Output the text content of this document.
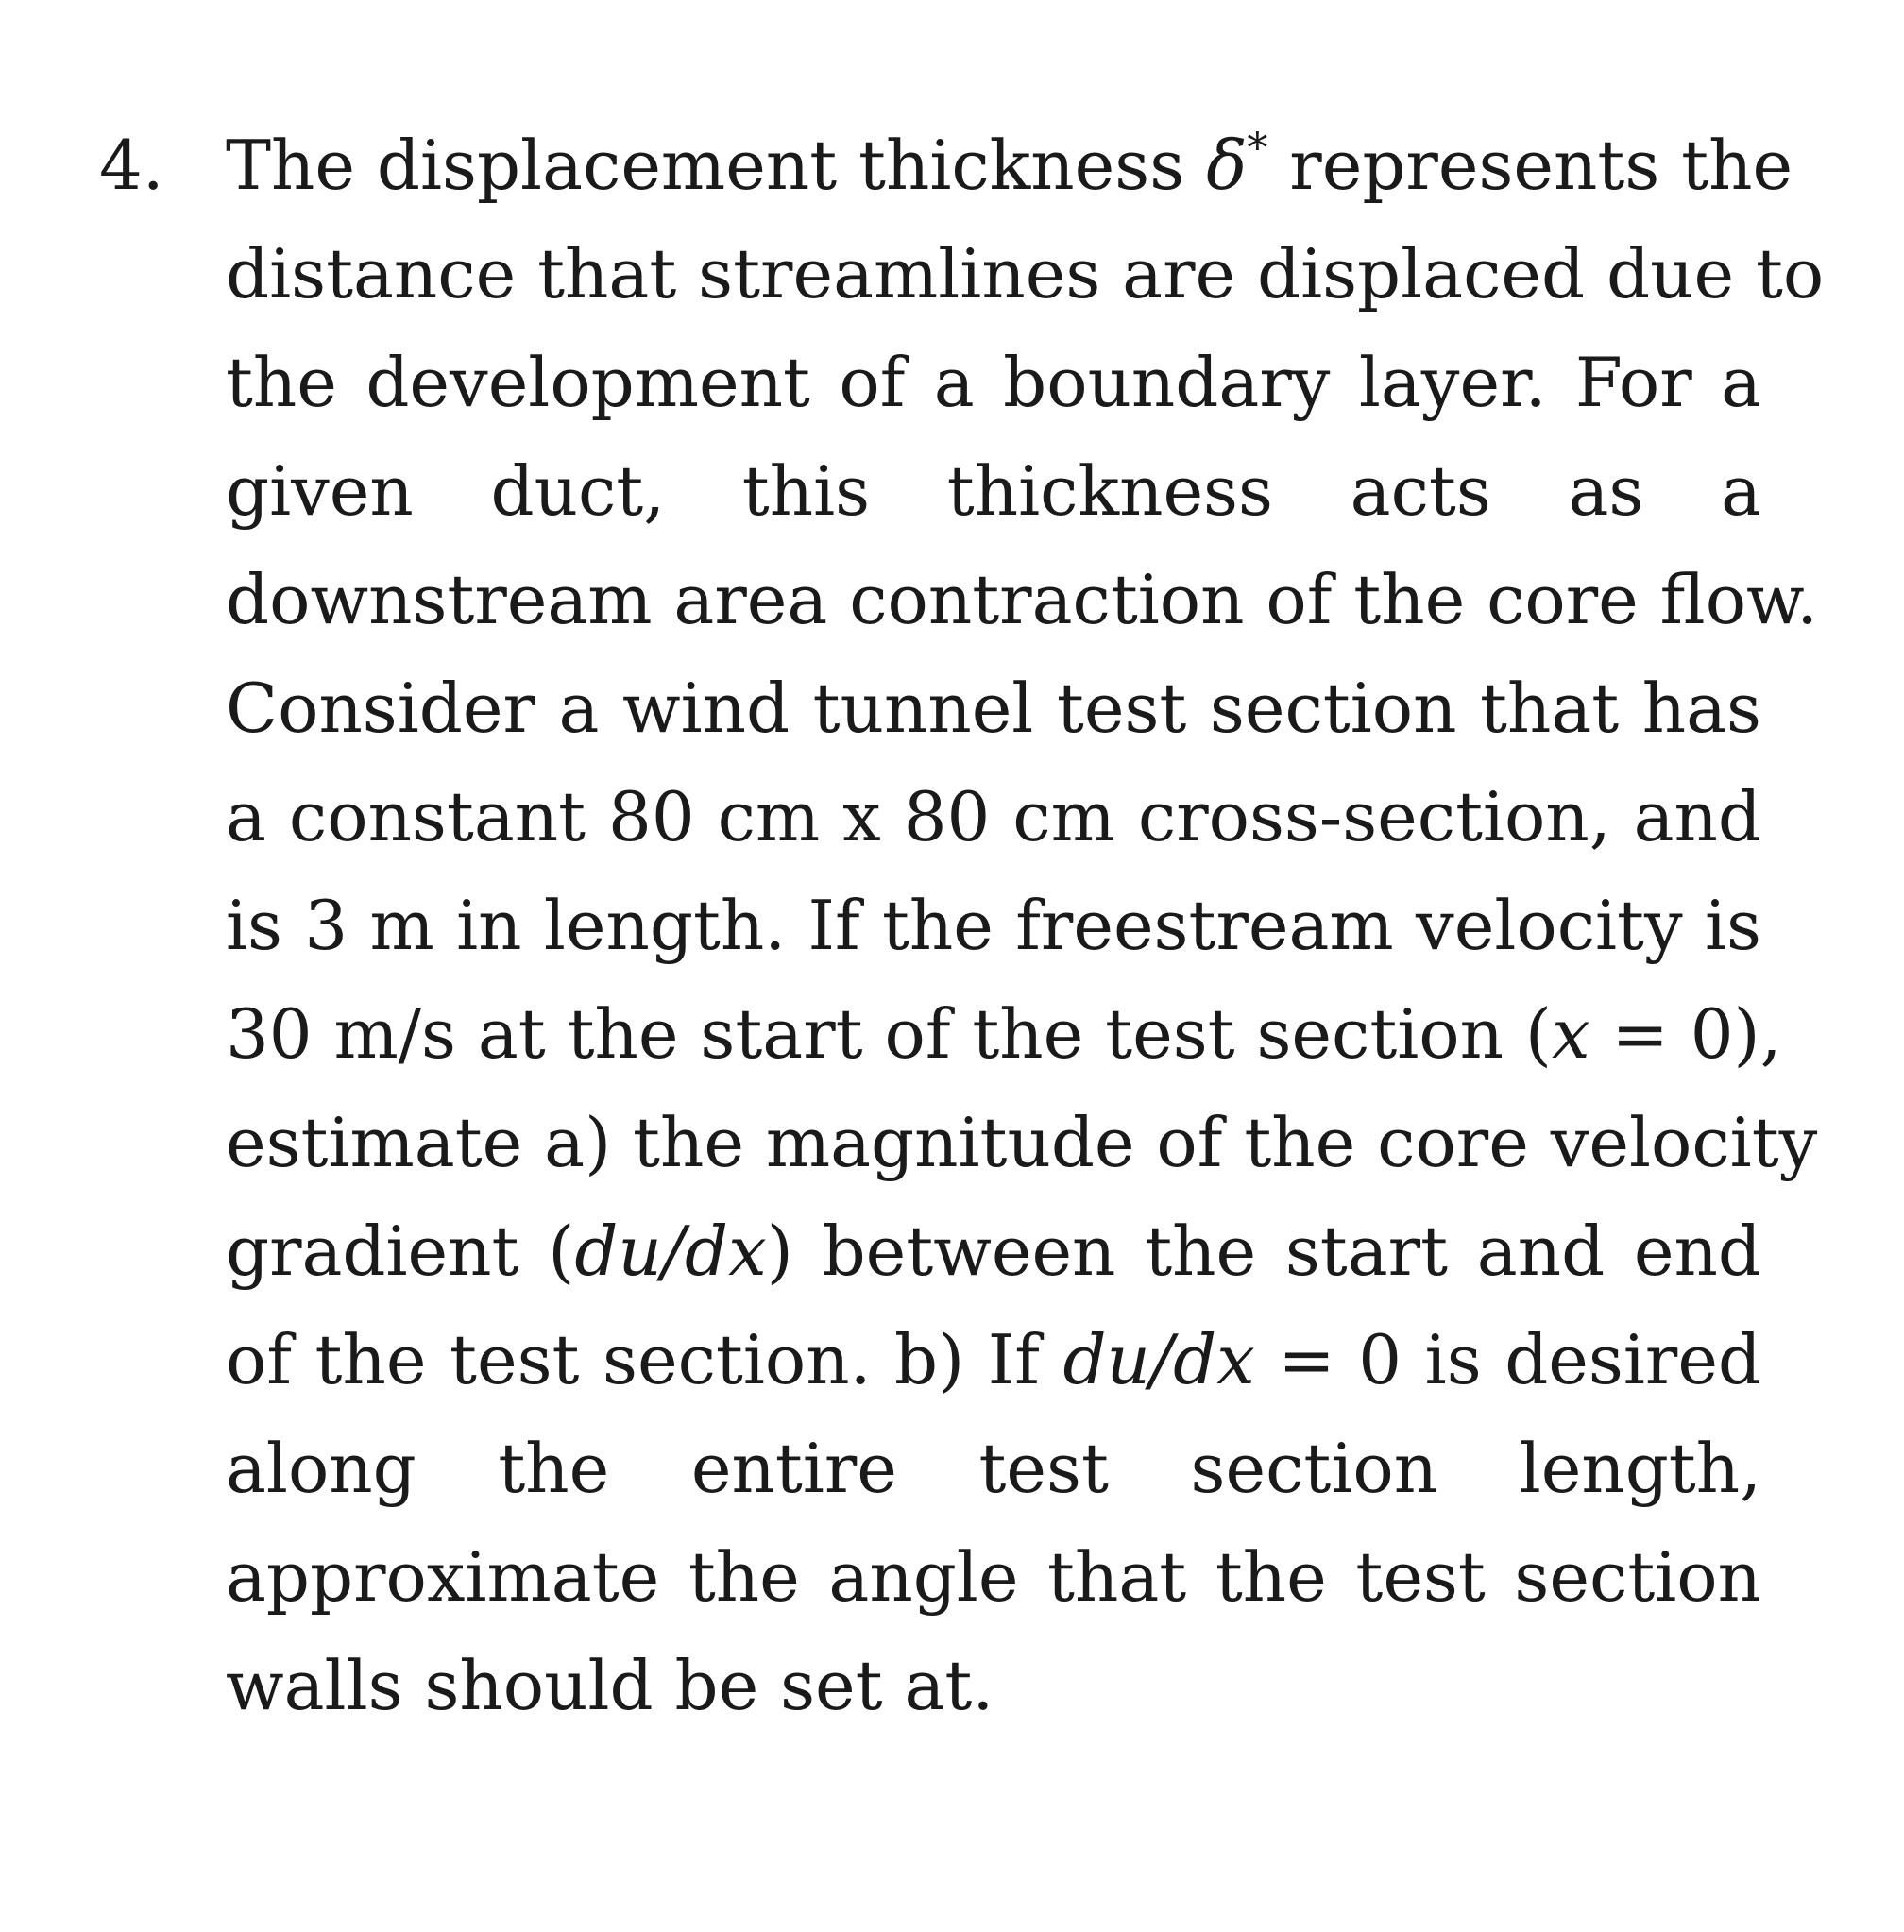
4. The displacement thickness δ* represents the
distance that streamlines are displaced due to
the development of a boundary layer. For a
given duct, this thickness acts as a
downstream area contraction of the core flow.
Consider a wind tunnel test section that has
a constant 80 cm x 80 cm cross-section, and
is 3 m in length. If the freestream velocity is
30 m/s at the start of the test section (x = 0),
estimate a) the magnitude of the core velocity
gradient (du/dx) between the start and end
of the test section. b) If du/dx = 0 is desired
along the entire test section length,
approximate the angle that the test section
walls should be set at.
